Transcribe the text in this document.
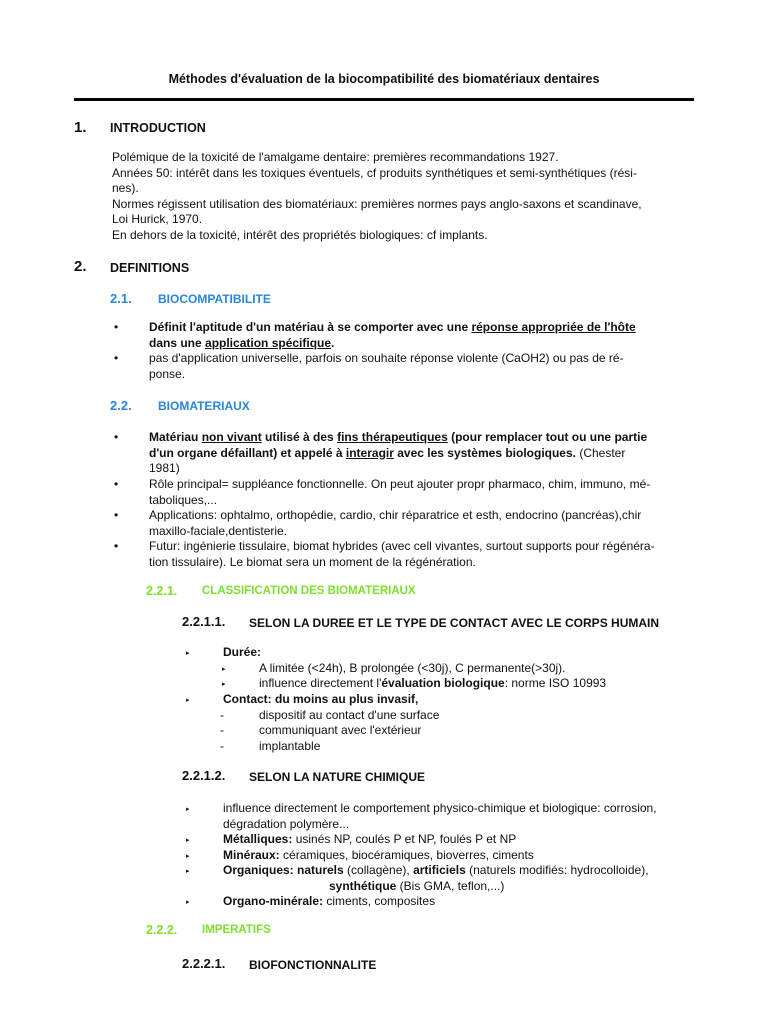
Méthodes d'évaluation de la biocompatibilité des biomatériaux dentaires
1. INTRODUCTION
Polémique de la toxicité de l'amalgame dentaire: premières recommandations 1927.
Années 50: intérêt dans les toxiques éventuels, cf produits synthétiques et semi-synthétiques (rési-
nes).
Normes régissent utilisation des biomatériaux: premières normes pays anglo-saxons et scandinave,
Loi Hurick, 1970.
En dehors de la toxicité, intérêt des propriétés biologiques: cf implants.
2. DEFINITIONS
2.1. BIOCOMPATIBILITE
•	Définit l'aptitude d'un matériau à se comporter avec une réponse appropriée de l'hôte
dans une application spécifique.
•	pas d'application universelle, parfois on souhaite réponse violente (CaOH2) ou pas de ré-
ponse.
2.2. BIOMATERIAUX
•	Matériau non vivant utilisé à des fins thérapeutiques (pour remplacer tout ou une partie
d'un organe défaillant) et appelé à interagir avec les systèmes biologiques. (Chester
1981)
•	Rôle principal= suppléance fonctionnelle. On peut ajouter propr pharmaco, chim, immuno, mé-
taboliques,...
•	Applications: ophtalmo, orthopédie, cardio, chir réparatrice et esth, endocrino (pancréas),chir
maxillo-faciale,dentisterie.
•	Futur: ingénierie tissulaire, biomat hybrides (avec cell vivantes, surtout supports pour régénéra-
tion tissulaire). Le biomat sera un moment de la régénération.
2.2.1. CLASSIFICATION DES BIOMATERIAUX
2.2.1.1. SELON LA DUREE ET LE TYPE DE CONTACT AVEC LE CORPS HUMAIN
▸	Durée:
▸	A limitée (<24h), B prolongée (<30j), C permanente(>30j).
▸	influence directement l'évaluation biologique: norme ISO 10993
▸	Contact: du moins au plus invasif,
-	dispositif au contact d'une surface
-	communiquant avec l'extérieur
-	implantable
2.2.1.2. SELON LA NATURE CHIMIQUE
▸	influence directement le comportement physico-chimique et biologique: corrosion,
dégradation polymère...
▸	Métalliques: usinés NP, coulés P et NP, foulés P et NP
▸	Minéraux: céramiques, biocéramiques, bioverres, ciments
▸	Organiques: naturels (collagène), artificiels (naturels modifiés: hydrocolloide),
synthétique (Bis GMA, teflon,...)
▸	Organo-minérale: ciments, composites
2.2.2. IMPERATIFS
2.2.2.1. BIOFONCTIONNALITE
